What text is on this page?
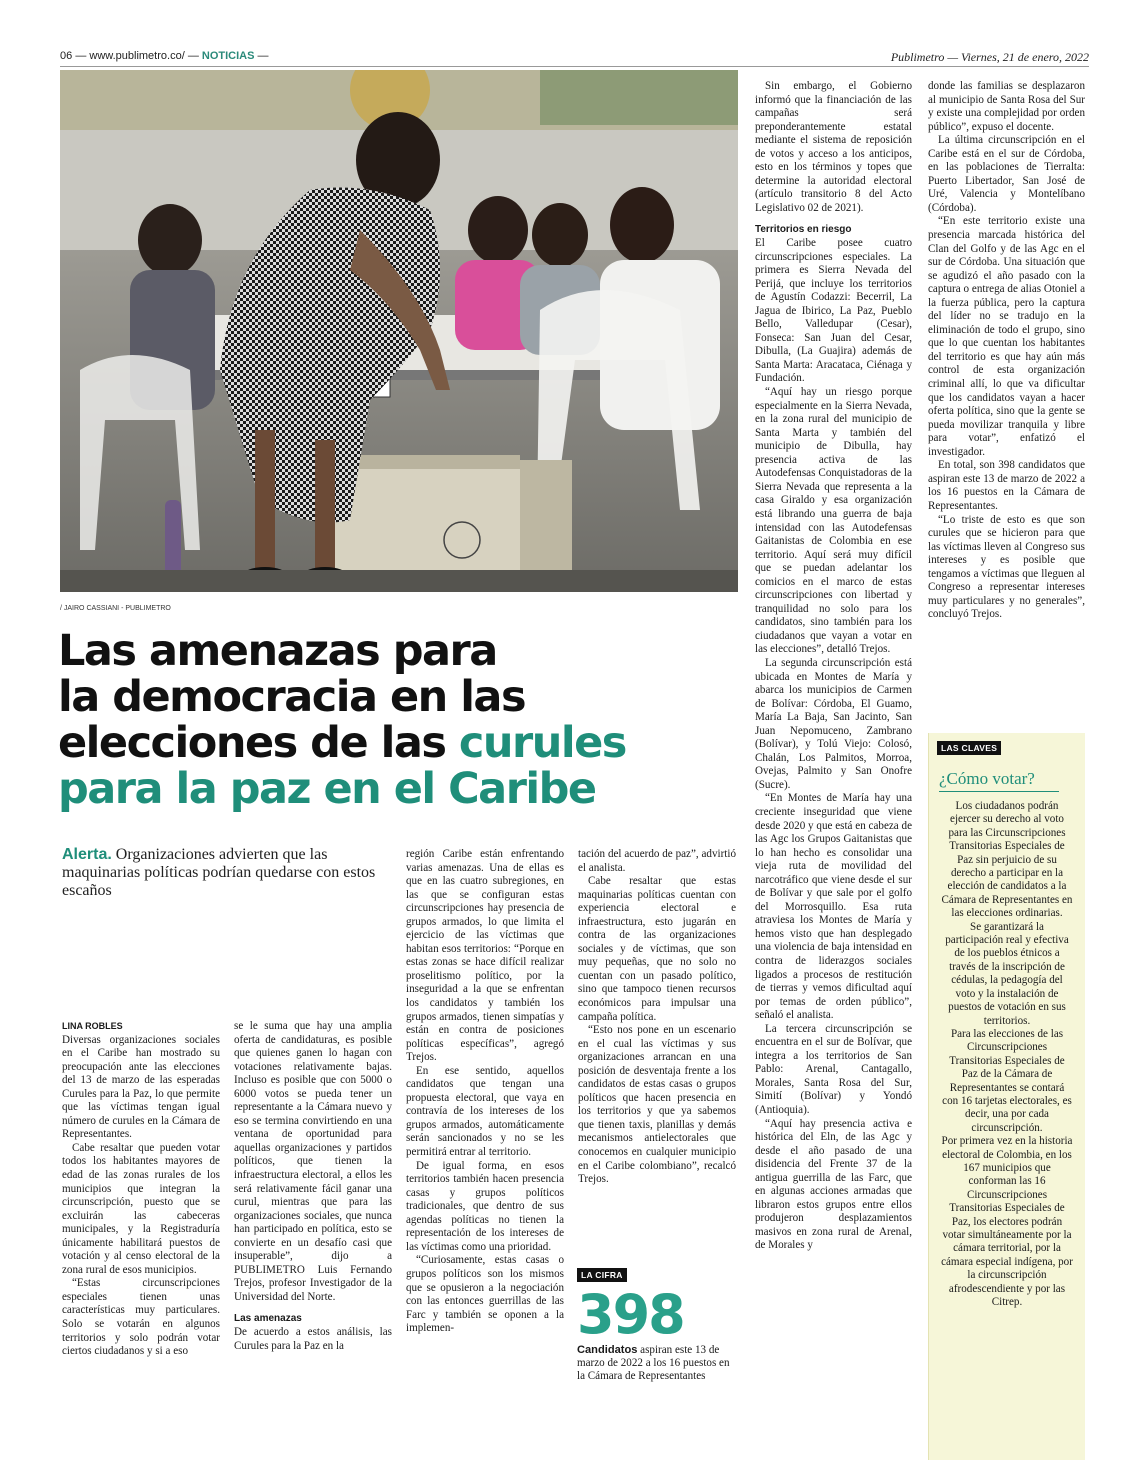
06 — www.publimetro.co/ — NOTICIAS —	Publimetro — Viernes, 21 de enero, 2022
/ JAIRO CASSIANI - PUBLIMETRO
Las amenazas para
la democracia en las
elecciones de las curules
para la paz en el Caribe
Alerta. Organizaciones advierten que las maquinarias políticas podrían quedarse con estos escaños

LINA ROBLES

Diversas organizaciones sociales en el Caribe han mostrado su preocupación ante las elecciones del 13 de marzo de las esperadas Curules para la Paz, lo que permite que las víctimas tengan igual número de curules en la Cámara de Representantes.

Cabe resaltar que pueden votar todos los habitantes mayores de edad de las zonas rurales de los municipios que integran la circunscripción, puesto que se excluirán las cabeceras municipales, y la Registraduría únicamente habilitará puestos de votación y al censo electoral de la zona rural de esos municipios.

“Estas circunscripciones especiales tienen unas características muy particulares. Solo se votarán en algunos territorios y solo podrán votar ciertos ciudadanos y si a eso

se le suma que hay una amplia oferta de candidaturas, es posible que quienes ganen lo hagan con votaciones relativamente bajas. Incluso es posible que con 5000 o 6000 votos se pueda tener un representante a la Cámara nuevo y eso se termina convirtiendo en una ventana de oportunidad para aquellas organizaciones y partidos políticos, que tienen la infraestructura electoral, a ellos les será relativamente fácil ganar una curul, mientras que para las organizaciones sociales, que nunca han participado en política, esto se convierte en un desafío casi que insuperable”, dijo a PUBLIMETRO Luis Fernando Trejos, profesor Investigador de la Universidad del Norte.

Las amenazas

De acuerdo a estos análisis, las Curules para la Paz en la

región Caribe están enfrentando varias amenazas. Una de ellas es que en las cuatro subregiones, en las que se configuran estas circunscripciones hay presencia de grupos armados, lo que limita el ejercicio de las víctimas que habitan esos territorios: “Porque en estas zonas se hace difícil realizar proselitismo político, por la inseguridad a la que se enfrentan los candidatos y también los grupos armados, tienen simpatías y están en contra de posiciones políticas específicas”, agregó Trejos.

En ese sentido, aquellos candidatos que tengan una propuesta electoral, que vaya en contravía de los intereses de los grupos armados, automáticamente serán sancionados y no se les permitirá entrar al territorio.

De igual forma, en esos territorios también hacen presencia casas y grupos políticos tradicionales, que dentro de sus agendas políticas no tienen la representación de los intereses de las víctimas como una prioridad.

“Curiosamente, estas casas o grupos políticos son los mismos que se opusieron a la negociación con las entonces guerrillas de las Farc y también se oponen a la implemen-

tación del acuerdo de paz”, advirtió el analista.

Cabe resaltar que estas maquinarias políticas cuentan con experiencia electoral e infraestructura, esto jugarán en contra de las organizaciones sociales y de víctimas, que son muy pequeñas, que no solo no cuentan con un pasado político, sino que tampoco tienen recursos económicos para impulsar una campaña política.

“Esto nos pone en un escenario en el cual las víctimas y sus organizaciones arrancan en una posición de desventaja frente a los candidatos de estas casas o grupos políticos que hacen presencia en los territorios y que ya sabemos que tienen taxis, planillas y demás mecanismos antielectorales que conocemos en cualquier municipio en el Caribe colombiano”, recalcó Trejos.

LA CIFRA
398
Candidatos aspiran este 13 de marzo de 2022 a los 16 puestos en la Cámara de Representantes

Sin embargo, el Gobierno informó que la financiación de las campañas será preponderantemente estatal mediante el sistema de reposición de votos y acceso a los anticipos, esto en los términos y topes que determine la autoridad electoral (artículo transitorio 8 del Acto Legislativo 02 de 2021).

Territorios en riesgo

El Caribe posee cuatro circunscripciones especiales. La primera es Sierra Nevada del Perijá, que incluye los territorios de Agustín Codazzi: Becerril, La Jagua de Ibirico, La Paz, Pueblo Bello, Valledupar (Cesar), Fonseca: San Juan del Cesar, Dibulla, (La Guajira) además de Santa Marta: Aracataca, Ciénaga y Fundación.

“Aquí hay un riesgo porque especialmente en la Sierra Nevada, en la zona rural del municipio de Santa Marta y también del municipio de Dibulla, hay presencia activa de las Autodefensas Conquistadoras de la Sierra Nevada que representa a la casa Giraldo y esa organización está librando una guerra de baja intensidad con las Autodefensas Gaitanistas de Colombia en ese territorio. Aquí será muy difícil que se puedan adelantar los comicios en el marco de estas circunscripciones con libertad y tranquilidad no solo para los candidatos, sino también para los ciudadanos que vayan a votar en las elecciones”, detalló Trejos.

La segunda circunscripción está ubicada en Montes de María y abarca los municipios de Carmen de Bolívar: Córdoba, El Guamo, María La Baja, San Jacinto, San Juan Nepomuceno, Zambrano (Bolívar), y Tolú Viejo: Colosó, Chalán, Los Palmitos, Morroa, Ovejas, Palmito y San Onofre (Sucre).

“En Montes de María hay una creciente inseguridad que viene desde 2020 y que está en cabeza de las Agc los Grupos Gaitanistas que lo han hecho es consolidar una vieja ruta de movilidad del narcotráfico que viene desde el sur de Bolívar y que sale por el golfo del Morrosquillo. Esa ruta atraviesa los Montes de María y hemos visto que han desplegado una violencia de baja intensidad en contra de liderazgos sociales ligados a procesos de restitución de tierras y vemos dificultad aquí por temas de orden público”, señaló el analista.

La tercera circunscripción se encuentra en el sur de Bolívar, que integra a los territorios de San Pablo: Arenal, Cantagallo, Morales, Santa Rosa del Sur, Simití (Bolívar) y Yondó (Antioquia).

“Aquí hay presencia activa e histórica del Eln, de las Agc y desde el año pasado de una disidencia del Frente 37 de la antigua guerrilla de las Farc, que en algunas acciones armadas que libraron estos grupos entre ellos produjeron desplazamientos masivos en zona rural de Arenal, de Morales y

donde las familias se desplazaron al municipio de Santa Rosa del Sur y existe una complejidad por orden público”, expuso el docente.

La última circunscripción en el Caribe está en el sur de Córdoba, en las poblaciones de Tierralta: Puerto Libertador, San José de Uré, Valencia y Montelíbano (Córdoba).

“En este territorio existe una presencia marcada histórica del Clan del Golfo y de las Agc en el sur de Córdoba. Una situación que se agudizó el año pasado con la captura o entrega de alias Otoniel a la fuerza pública, pero la captura del líder no se tradujo en la eliminación de todo el grupo, sino que lo que cuentan los habitantes del territorio es que hay aún más control de esta organización criminal allí, lo que va dificultar que los candidatos vayan a hacer oferta política, sino que la gente se pueda movilizar tranquila y libre para votar”, enfatizó el investigador.

En total, son 398 candidatos que aspiran este 13 de marzo de 2022 a los 16 puestos en la Cámara de Representantes.

“Lo triste de esto es que son curules que se hicieron para que las víctimas lleven al Congreso sus intereses y es posible que tengamos a víctimas que lleguen al Congreso a representar intereses muy particulares y no generales”, concluyó Trejos.

LAS CLAVES
¿Cómo votar?

Los ciudadanos podrán ejercer su derecho al voto para las Circunscripciones Transitorias Especiales de Paz sin perjuicio de su derecho a participar en la elección de candidatos a la Cámara de Representantes en las elecciones ordinarias.

Se garantizará la participación real y efectiva de los pueblos étnicos a través de la inscripción de cédulas, la pedagogía del voto y la instalación de puestos de votación en sus territorios.

Para las elecciones de las Circunscripciones Transitorias Especiales de Paz de la Cámara de Representantes se contará con 16 tarjetas electorales, es decir, una por cada circunscripción.

Por primera vez en la historia electoral de Colombia, en los 167 municipios que conforman las 16 Circunscripciones Transitorias Especiales de Paz, los electores podrán votar simultáneamente por la cámara territorial, por la cámara especial indígena, por la circunscripción afrodescendiente y por las Citrep.
